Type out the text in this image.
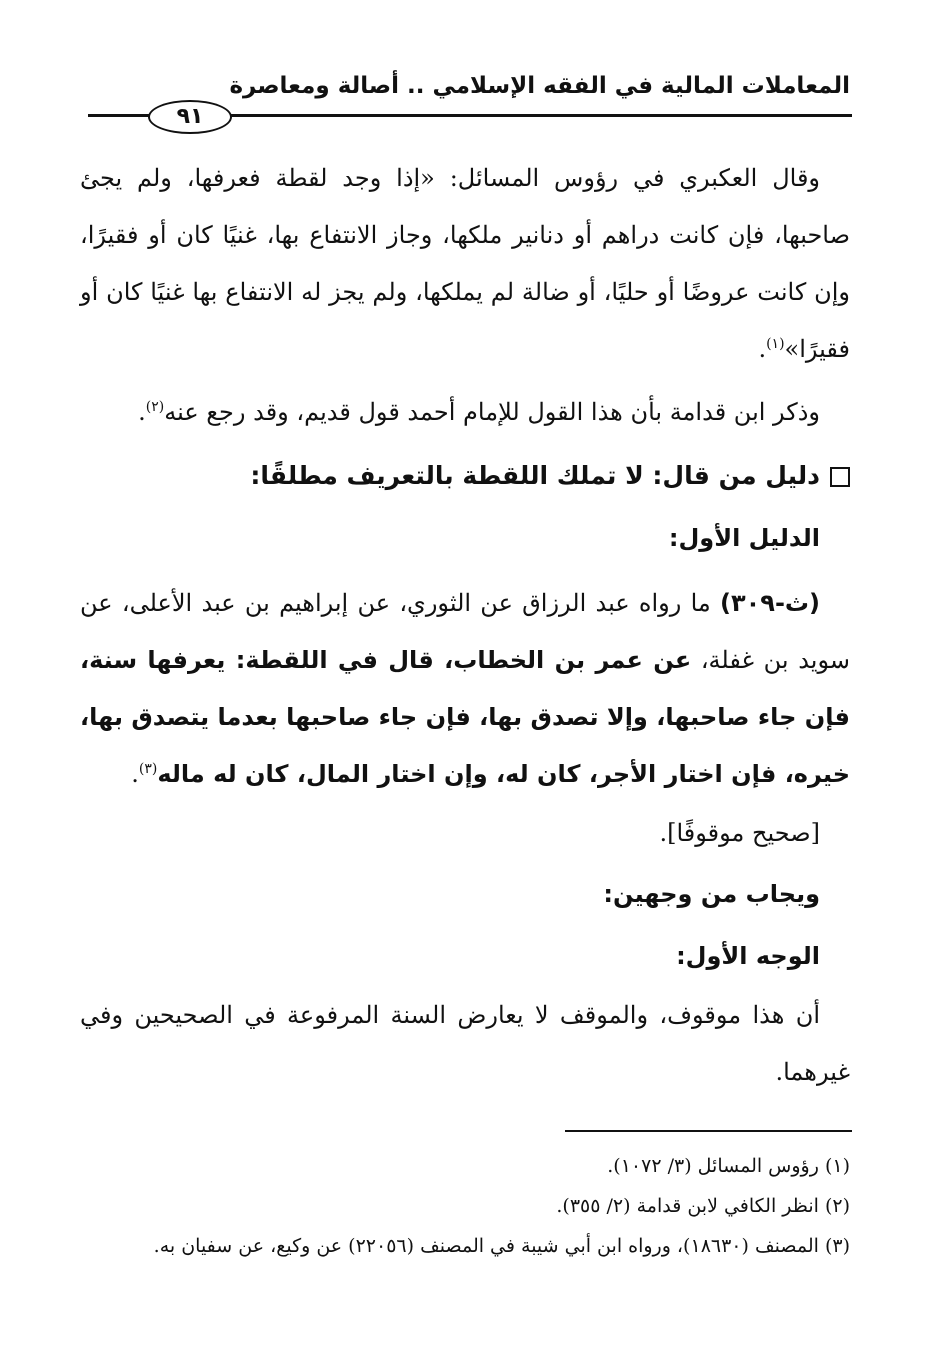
المعاملات المالية في الفقه الإسلامي .. أصالة ومعاصرة
٩١

وقال العكبري في رؤوس المسائل: «إذا وجد لقطة فعرفها، ولم يجئ صاحبها، فإن كانت دراهم أو دنانير ملكها، وجاز الانتفاع بها، غنيًا كان أو فقيرًا، وإن كانت عروضًا أو حليًا، أو ضالة لم يملكها، ولم يجز له الانتفاع بها غنيًا كان أو فقيرًا»$^{(١)}$.

وذكر ابن قدامة بأن هذا القول للإمام أحمد قول قديم، وقد رجع عنه$^{(٢)}$.

دليل من قال: لا تملك اللقطة بالتعريف مطلقًا:

الدليل الأول:

(ث-٣٠٩) ما رواه عبد الرزاق عن الثوري، عن إبراهيم بن عبد الأعلى، عن سويد بن غفلة، عن عمر بن الخطاب، قال في اللقطة: يعرفها سنة، فإن جاء صاحبها، وإلا تصدق بها، فإن جاء صاحبها بعدما يتصدق بها، خيره، فإن اختار الأجر، كان له، وإن اختار المال، كان له ماله$^{(٣)}$.

[صحيح موقوفًا].

ويجاب من وجهين:

الوجه الأول:

أن هذا موقوف، والموقف لا يعارض السنة المرفوعة في الصحيحين وفي غيرهما.

(١) رؤوس المسائل (٣/ ١٠٧٢).

(٢) انظر الكافي لابن قدامة (٢/ ٣٥٥).

(٣) المصنف (١٨٦٣٠)، ورواه ابن أبي شيبة في المصنف (٢٢٠٥٦) عن وكيع، عن سفيان به.
